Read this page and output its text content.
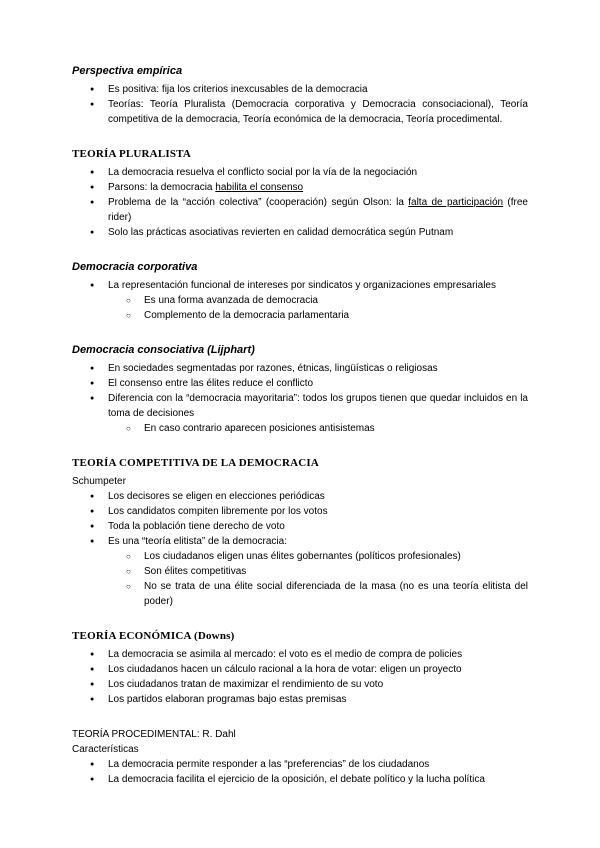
Perspectiva empírica
●	Es positiva: fija los criterios inexcusables de la democracia
●	Teorías: Teoría Pluralista (Democracia corporativa y Democracia consociacional), Teoría competitiva de la democracia, Teoría económica de la democracia, Teoría procedimental.
TEORÍA PLURALISTA
●	La democracia resuelva el conflicto social por la vía de la negociación
●	Parsons: la democracia habilita el consenso
●	Problema de la “acción colectiva” (cooperación) según Olson: la falta de participación (free rider)
●	Solo las prácticas asociativas revierten en calidad democrática según Putnam
Democracia corporativa
●	La representación funcional de intereses por sindicatos y organizaciones empresariales
○	Es una forma avanzada de democracia
○	Complemento de la democracia parlamentaria
Democracia consociativa (Lijphart)
●	En sociedades segmentadas por razones, étnicas, lingüísticas o religiosas
●	El consenso entre las élites reduce el conflicto
●	Diferencia con la “democracia mayoritaria”: todos los grupos tienen que quedar incluidos en la toma de decisiones
○	En caso contrario aparecen posiciones antisistemas
TEORÍA COMPETITIVA DE LA DEMOCRACIA
Schumpeter
●	Los decisores se eligen en elecciones periódicas
●	Los candidatos compiten libremente por los votos
●	Toda la población tiene derecho de voto
●	Es una “teoría elitista” de la democracia:
○	Los ciudadanos eligen unas élites gobernantes (políticos profesionales)
○	Son élites competitivas
○	No se trata de una élite social diferenciada de la masa (no es una teoría elitista del poder)
TEORÍA ECONÓMICA (Downs)
●	La democracia se asimila al mercado: el voto es el medio de compra de policies
●	Los ciudadanos hacen un cálculo racional a la hora de votar: eligen un proyecto
●	Los ciudadanos tratan de maximizar el rendimiento de su voto
●	Los partidos elaboran programas bajo estas premisas
TEORÍA PROCEDIMENTAL: R. Dahl
Características
●	La democracia permite responder a las “preferencias” de los ciudadanos
●	La democracia facilita el ejercicio de la oposición, el debate político y la lucha política
